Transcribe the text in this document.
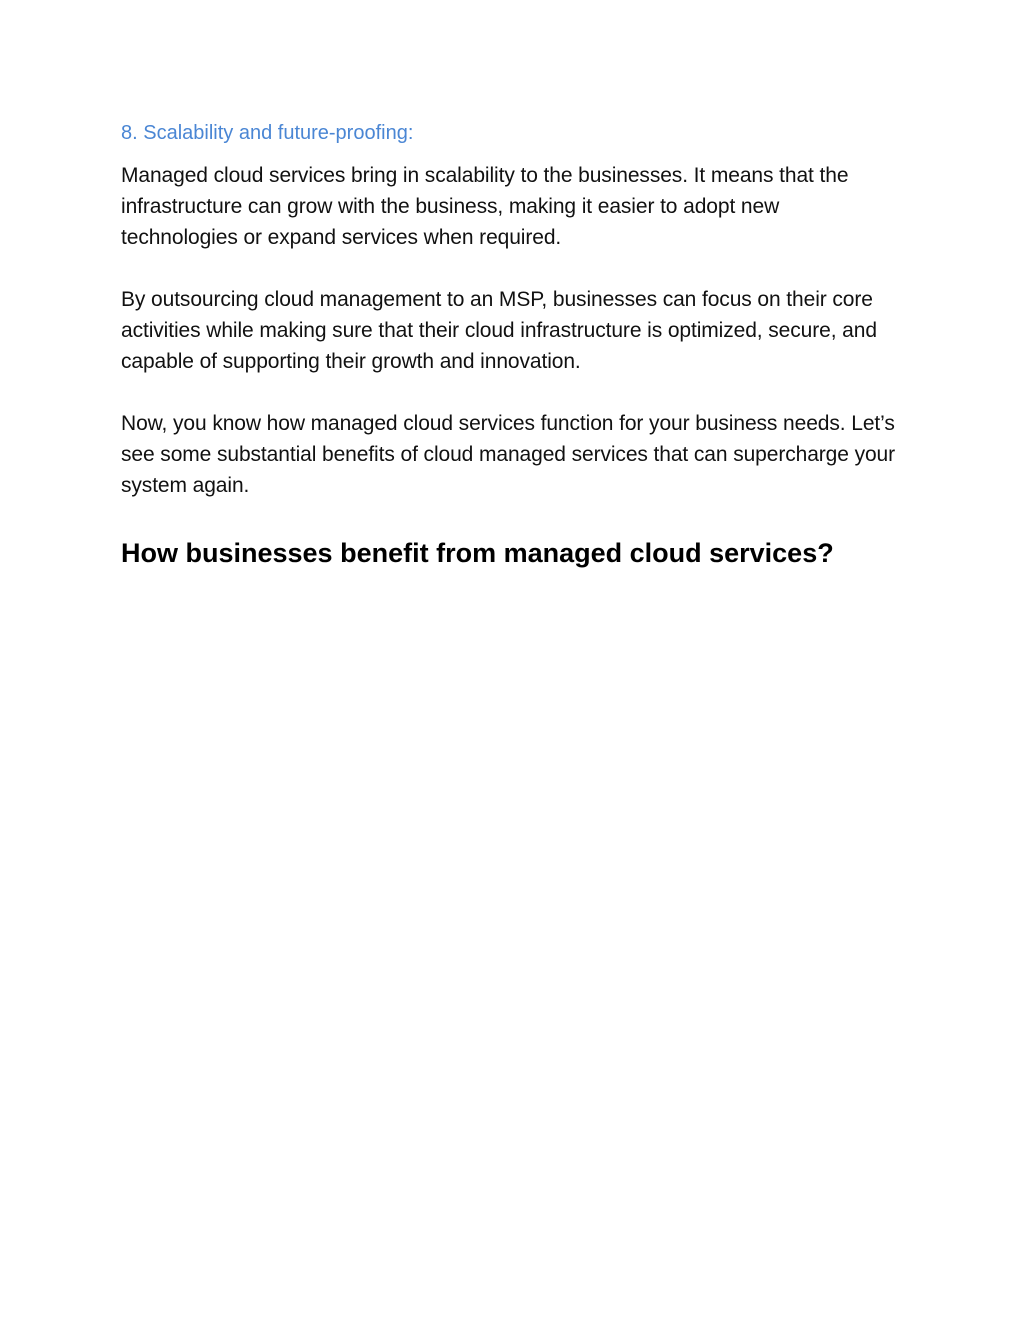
8. Scalability and future-proofing:

Managed cloud services bring in scalability to the businesses. It means that the infrastructure can grow with the business, making it easier to adopt new technologies or expand services when required.

By outsourcing cloud management to an MSP, businesses can focus on their core activities while making sure that their cloud infrastructure is optimized, secure, and capable of supporting their growth and innovation.

Now, you know how managed cloud services function for your business needs. Let’s see some substantial benefits of cloud managed services that can supercharge your system again.

How businesses benefit from managed cloud services?
